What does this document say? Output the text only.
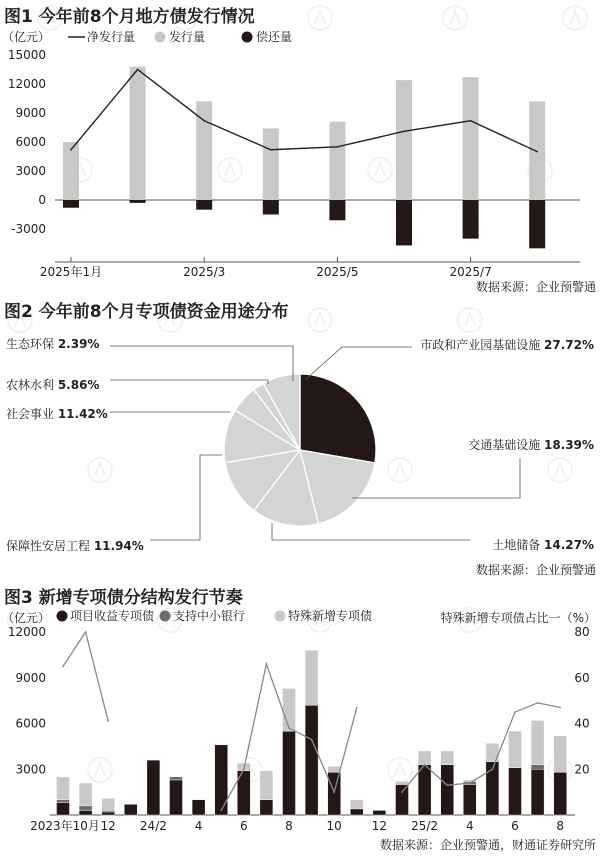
图1 今年前8个月地方债发行情况
（亿元）	净发行量	发行量	偿还量
15000
12000
9000
6000
3000
0
-3000
2025年1月	2025/3	2025/5	2025/7
数据来源：企业预警通
图2 今年前8个月专项债资金用途分布
市政和产业园基础设施 27.72%
交通基础设施 18.39%
土地储备 14.27%
保障性安居工程 11.94%
社会事业 11.42%
农林水利 5.86%
生态环保 2.39%
数据来源：企业预警通
图3 新增专项债分结构发行节奏
（亿元）	特殊新增专项债占比一（%）
项目收益专项债 支持中小银行	特殊新增专项债
12000
9000
6000
3000
80
60
40
20
2023年10月 12 24/2 4	6	8	10 12 25/2 4	6	8
数据来源：企业预警通，财通证券研究所
